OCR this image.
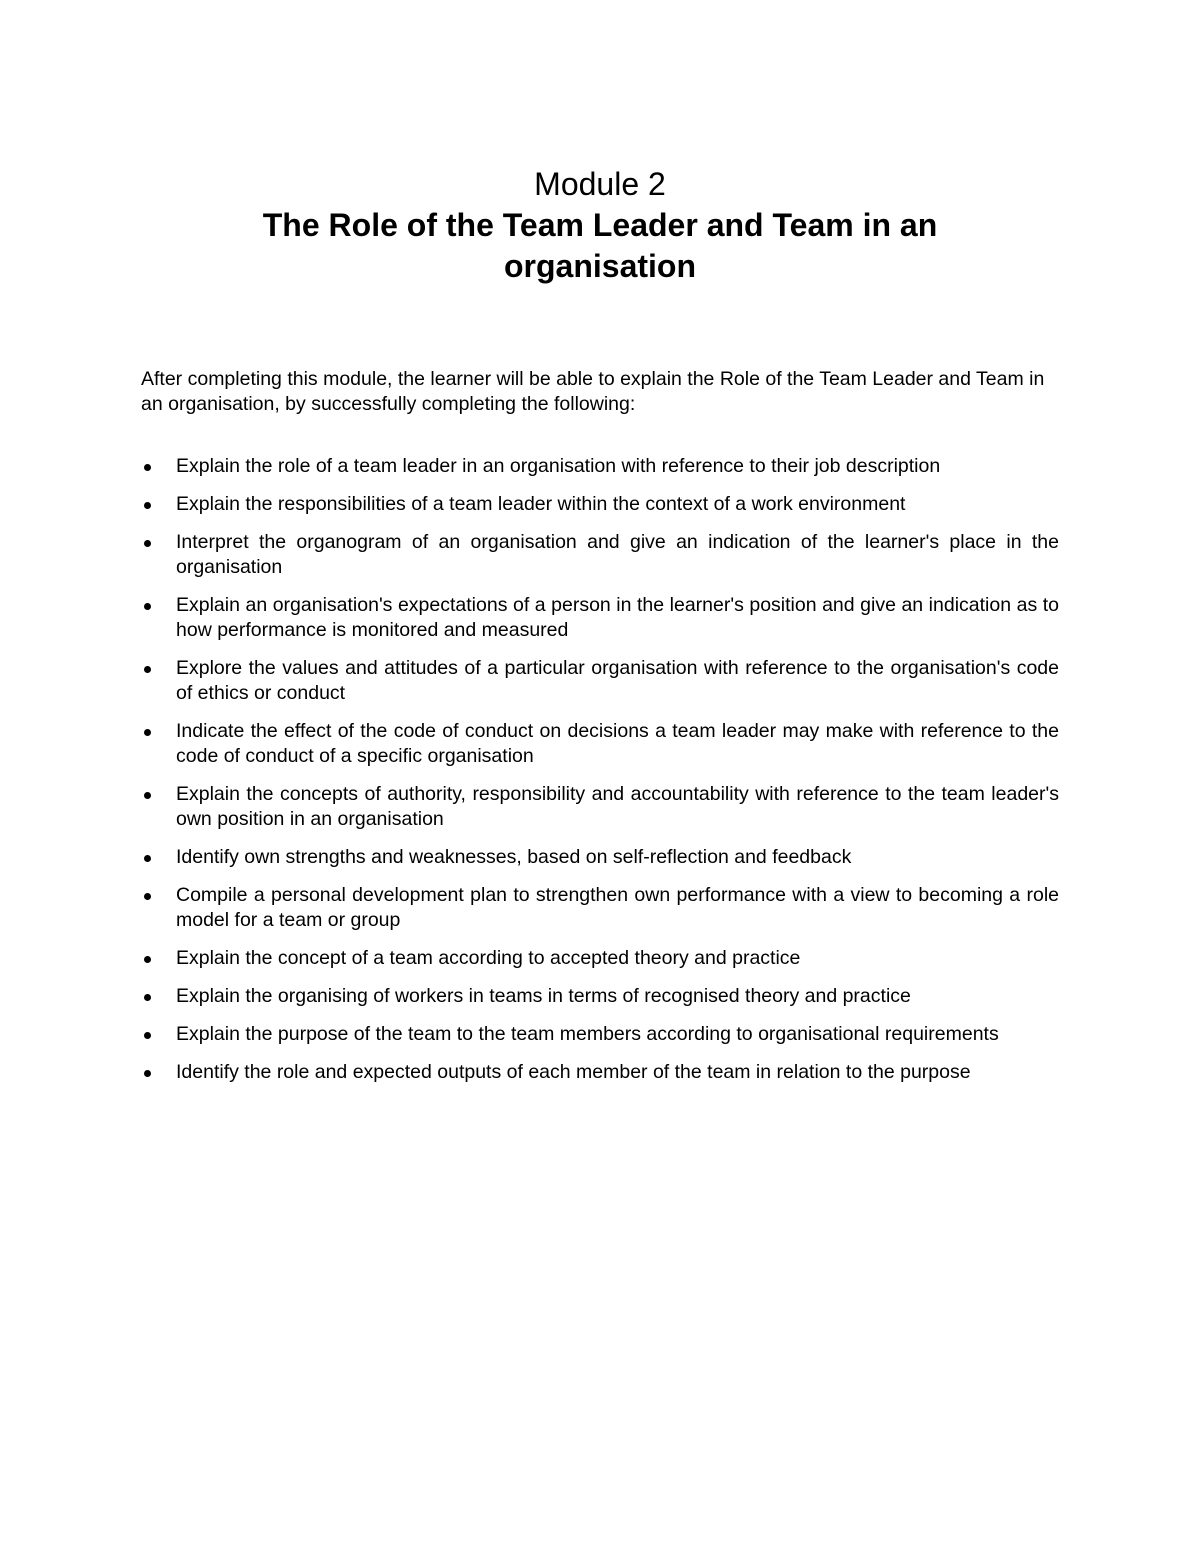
Module 2
The Role of the Team Leader and Team in an
organisation

After completing this module, the learner will be able to explain the Role of the Team Leader and Team in an organisation, by successfully completing the following:

Explain the role of a team leader in an organisation with reference to their job description
Explain the responsibilities of a team leader within the context of a work environment
Interpret the organogram of an organisation and give an indication of the learner's place in the organisation
Explain an organisation's expectations of a person in the learner's position and give an indication as to how performance is monitored and measured
Explore the values and attitudes of a particular organisation with reference to the organisation's code of ethics or conduct
Indicate the effect of the code of conduct on decisions a team leader may make with reference to the code of conduct of a specific organisation
Explain the concepts of authority, responsibility and accountability with reference to the team leader's own position in an organisation
Identify own strengths and weaknesses, based on self-reflection and feedback
Compile a personal development plan to strengthen own performance with a view to becoming a role model for a team or group
Explain the concept of a team according to accepted theory and practice
Explain the organising of workers in teams in terms of recognised theory and practice
Explain the purpose of the team to the team members according to organisational requirements
Identify the role and expected outputs of each member of the team in relation to the purpose
